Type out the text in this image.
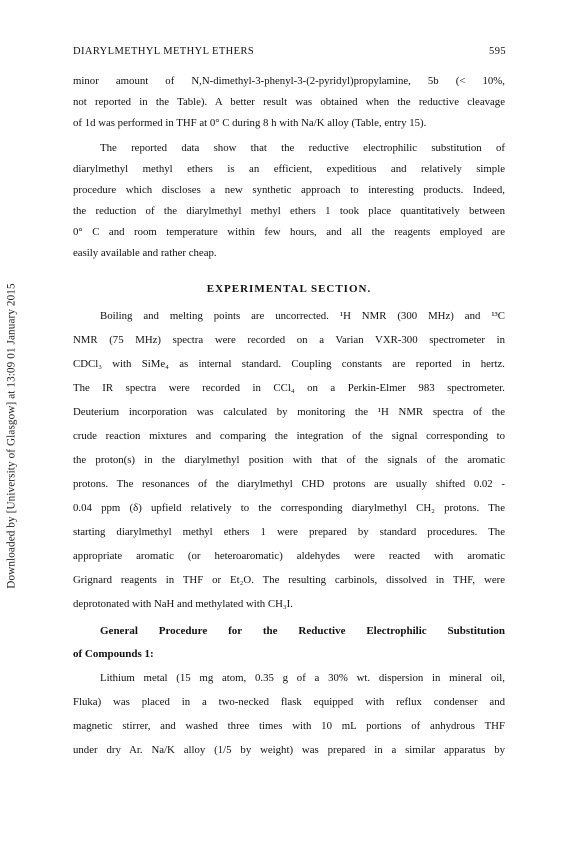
Downloaded by [University of Glasgow] at 13:09 01 January 2015
DIARYLMETHYL METHYL ETHERS	595
minor amount of N,N-dimethyl-3-phenyl-3-(2-pyridyl)propylamine, 5b (< 10%,
not reported in the Table). A better result was obtained when the reductive cleavage
of 1d was performed in THF at 0° C during 8 h with Na/K alloy (Table, entry 15).
The reported data show that the reductive electrophilic substitution of
diarylmethyl methyl ethers is an efficient, expeditious and relatively simple
procedure which discloses a new synthetic approach to interesting products. Indeed,
the reduction of the diarylmethyl methyl ethers 1 took place quantitatively between
0° C and room temperature within few hours, and all the reagents employed are
easily available and rather cheap.
EXPERIMENTAL SECTION.
Boiling and melting points are uncorrected. ¹H NMR (300 MHz) and ¹³C
NMR (75 MHz) spectra were recorded on a Varian VXR-300 spectrometer in
CDCl₃ with SiMe₄ as internal standard. Coupling constants are reported in hertz.
The IR spectra were recorded in CCl₄ on a Perkin-Elmer 983 spectrometer.
Deuterium incorporation was calculated by monitoring the ¹H NMR spectra of the
crude reaction mixtures and comparing the integration of the signal corresponding to
the proton(s) in the diarylmethyl position with that of the signals of the aromatic
protons. The resonances of the diarylmethyl CHD protons are usually shifted 0.02 -
0.04 ppm (δ) upfield relatively to the corresponding diarylmethyl CH₂ protons. The
starting diarylmethyl methyl ethers 1 were prepared by standard procedures. The
appropriate aromatic (or heteroaromatic) aldehydes were reacted with aromatic
Grignard reagents in THF or Et₂O. The resulting carbinols, dissolved in THF, were
deprotonated with NaH and methylated with CH₃I.
General Procedure for the Reductive Electrophilic Substitution
of Compounds 1:
Lithium metal (15 mg atom, 0.35 g of a 30% wt. dispersion in mineral oil,
Fluka) was placed in a two-necked flask equipped with reflux condenser and
magnetic stirrer, and washed three times with 10 mL portions of anhydrous THF
under dry Ar. Na/K alloy (1/5 by weight) was prepared in a similar apparatus by
